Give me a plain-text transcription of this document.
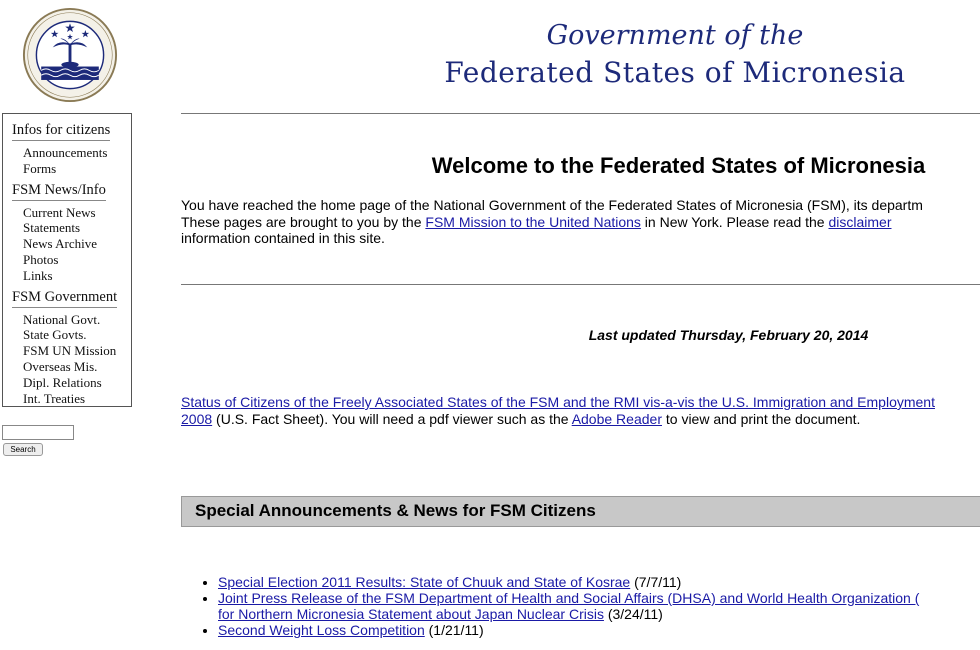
Government of the
Federated States of Micronesia
Infos for citizens
Announcements
Forms
FSM News/Info
Current News
Statements
News Archive
Photos
Links
FSM Government
National Govt.
State Govts.
FSM UN Mission
Overseas Mis.
Dipl. Relations
Int. Treaties
Search
Welcome to the Federated States of Micronesia
You have reached the home page of the National Government of the Federated States of Micronesia (FSM), its departm
These pages are brought to you by the FSM Mission to the United Nations in New York. Please read the disclaimer
information contained in this site.
Last updated Thursday, February 20, 2014
Status of Citizens of the Freely Associated States of the FSM and the RMI vis-a-vis the U.S. Immigration and Employment
2008 (U.S. Fact Sheet). You will need a pdf viewer such as the Adobe Reader to view and print the document.
Special Announcements & News for FSM Citizens
• Special Election 2011 Results: State of Chuuk and State of Kosrae (7/7/11)
• Joint Press Release of the FSM Department of Health and Social Affairs (DHSA) and World Health Organization (
for Northern Micronesia Statement about Japan Nuclear Crisis (3/24/11)
• Second Weight Loss Competition (1/21/11)
